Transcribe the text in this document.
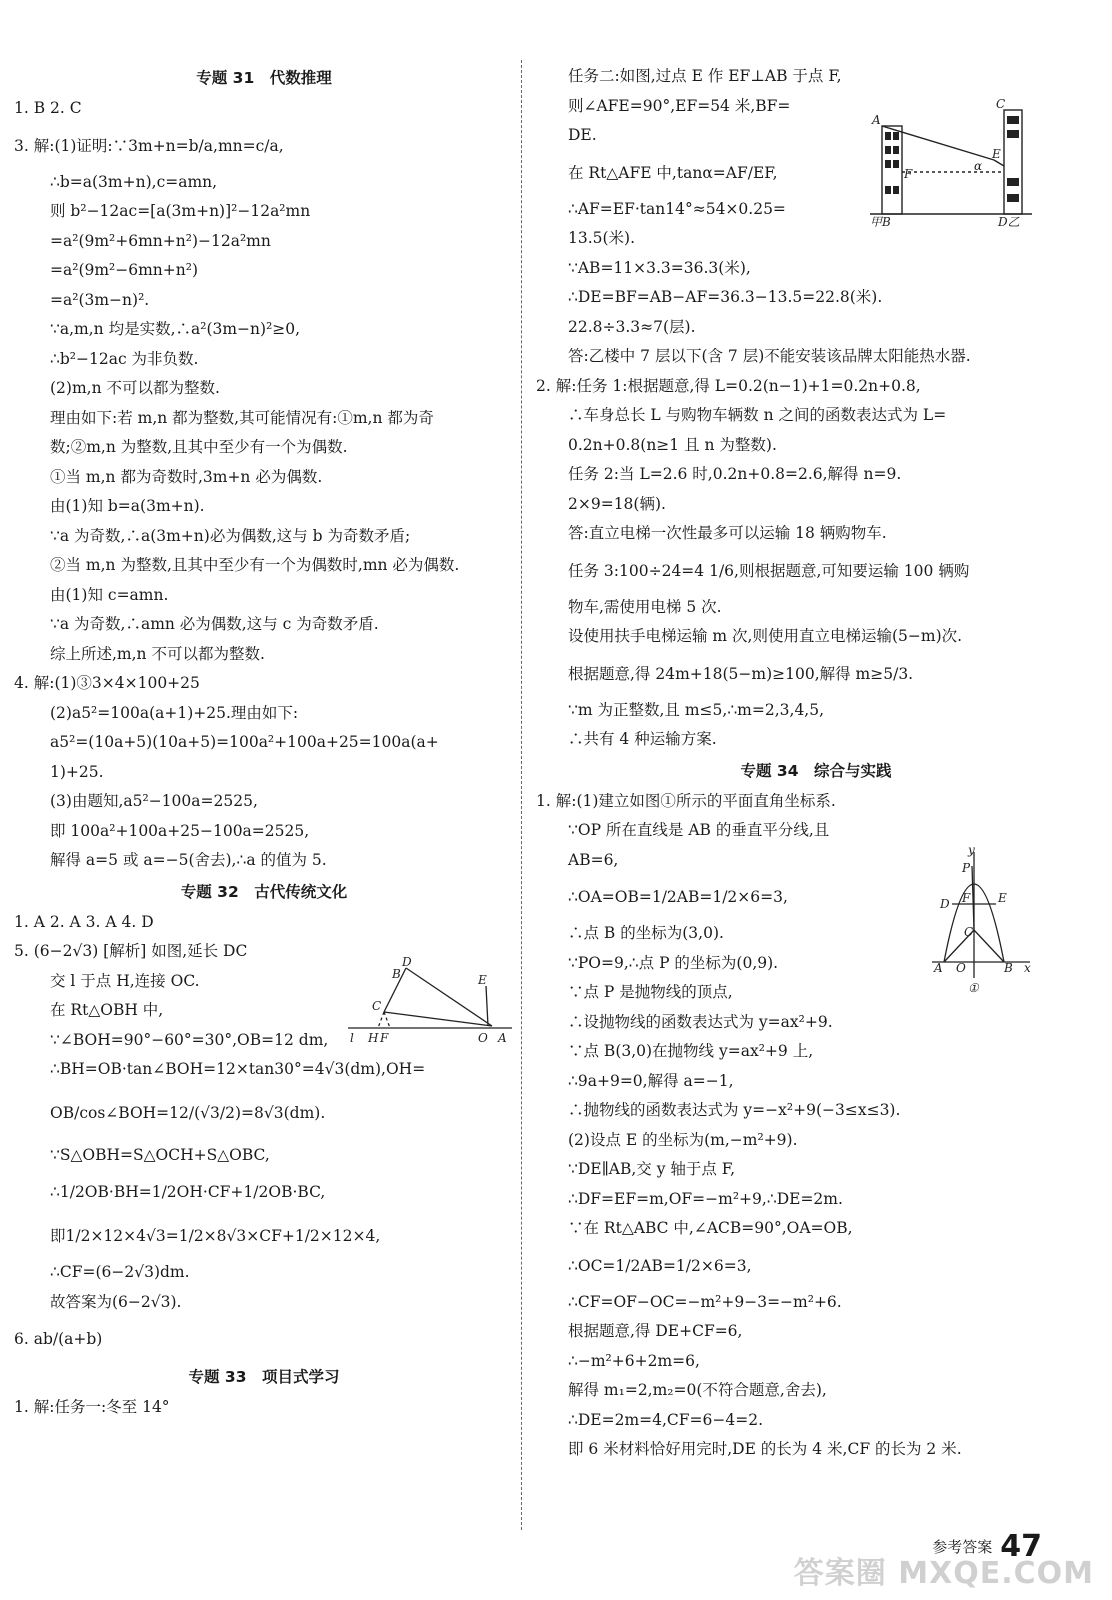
专题 31　代数推理
1. B 2. C
3. 解:(1)证明:∵3m+n=b/a,mn=c/a,
∴b=a(3m+n),c=amn,
则 b²−12ac=[a(3m+n)]²−12a²mn
=a²(9m²+6mn+n²)−12a²mn
=a²(9m²−6mn+n²)
=a²(3m−n)².
∵a,m,n 均是实数,∴a²(3m−n)²≥0,
∴b²−12ac 为非负数.
(2)m,n 不可以都为整数.
理由如下:若 m,n 都为整数,其可能情况有:①m,n 都为奇
数;②m,n 为整数,且其中至少有一个为偶数.
①当 m,n 都为奇数时,3m+n 必为偶数.
由(1)知 b=a(3m+n).
∵a 为奇数,∴a(3m+n)必为偶数,这与 b 为奇数矛盾;
②当 m,n 为整数,且其中至少有一个为偶数时,mn 必为偶数.
由(1)知 c=amn.
∵a 为奇数,∴amn 必为偶数,这与 c 为奇数矛盾.
综上所述,m,n 不可以都为整数.
4. 解:(1)③3×4×100+25
(2)a5²=100a(a+1)+25.理由如下:
a5²=(10a+5)(10a+5)=100a²+100a+25=100a(a+
1)+25.
(3)由题知,a5²−100a=2525,
即 100a²+100a+25−100a=2525,
解得 a=5 或 a=−5(舍去),∴a 的值为 5.
专题 32　古代传统文化
1. A 2. A 3. A 4. D
5. (6−2√3) [解析] 如图,延长 DC
交 l 于点 H,连接 OC.
在 Rt△OBH 中,
∵∠BOH=90°−60°=30°,OB=12 dm,
∴BH=OB·tan∠BOH=12×tan30°=4√3(dm),OH=
OB/cos∠BOH=12/(√3/2)=8√3(dm).
∵S△OBH=S△OCH+S△OBC,
∴1/2OB·BH=1/2OH·CF+1/2OB·BC,
即1/2×12×4√3=1/2×8√3×CF+1/2×12×4,
∴CF=(6−2√3)dm.
故答案为(6−2√3).
6. ab/(a+b)
专题 33　项目式学习
1. 解:任务一:冬至 14°
任务二:如图,过点 E 作 EF⊥AB 于点 F,
则∠AFE=90°,EF=54 米,BF=
DE.
在 Rt△AFE 中,tanα=AF/EF,
∴AF=EF·tan14°≈54×0.25=
13.5(米).
∵AB=11×3.3=36.3(米),
∴DE=BF=AB−AF=36.3−13.5=22.8(米).
22.8÷3.3≈7(层).
答:乙楼中 7 层以下(含 7 层)不能安装该品牌太阳能热水器.
2. 解:任务 1:根据题意,得 L=0.2(n−1)+1=0.2n+0.8,
∴车身总长 L 与购物车辆数 n 之间的函数表达式为 L=
0.2n+0.8(n≥1 且 n 为整数).
任务 2:当 L=2.6 时,0.2n+0.8=2.6,解得 n=9.
2×9=18(辆).
答:直立电梯一次性最多可以运输 18 辆购物车.
任务 3:100÷24=4 1/6,则根据题意,可知要运输 100 辆购
物车,需使用电梯 5 次.
设使用扶手电梯运输 m 次,则使用直立电梯运输(5−m)次.
根据题意,得 24m+18(5−m)≥100,解得 m≥5/3.
∵m 为正整数,且 m≤5,∴m=2,3,4,5,
∴共有 4 种运输方案.
专题 34　综合与实践
1. 解:(1)建立如图①所示的平面直角坐标系.
∵OP 所在直线是 AB 的垂直平分线,且
AB=6,
∴OA=OB=1/2AB=1/2×6=3,
∴点 B 的坐标为(3,0).
∵PO=9,∴点 P 的坐标为(0,9).
∵点 P 是抛物线的顶点,
∴设抛物线的函数表达式为 y=ax²+9.
∵点 B(3,0)在抛物线 y=ax²+9 上,
∴9a+9=0,解得 a=−1,
∴抛物线的函数表达式为 y=−x²+9(−3≤x≤3).
(2)设点 E 的坐标为(m,−m²+9).
∵DE∥AB,交 y 轴于点 F,
∴DF=EF=m,OF=−m²+9,∴DE=2m.
∵在 Rt△ABC 中,∠ACB=90°,OA=OB,
∴OC=1/2AB=1/2×6=3,
∴CF=OF−OC=−m²+9−3=−m²+6.
根据题意,得 DE+CF=6,
∴−m²+6+2m=6,
解得 m₁=2,m₂=0(不符合题意,舍去),
∴DE=2m=4,CF=6−4=2.
即 6 米材料恰好用完时,DE 的长为 4 米,CF 的长为 2 米.
A
C
E
F
α
甲B	D乙
D
B
C
E
l H F	O A
y
P
D	E
F
C
A O	B x
①
参考答案 47
答案圈 MXQE.COM
